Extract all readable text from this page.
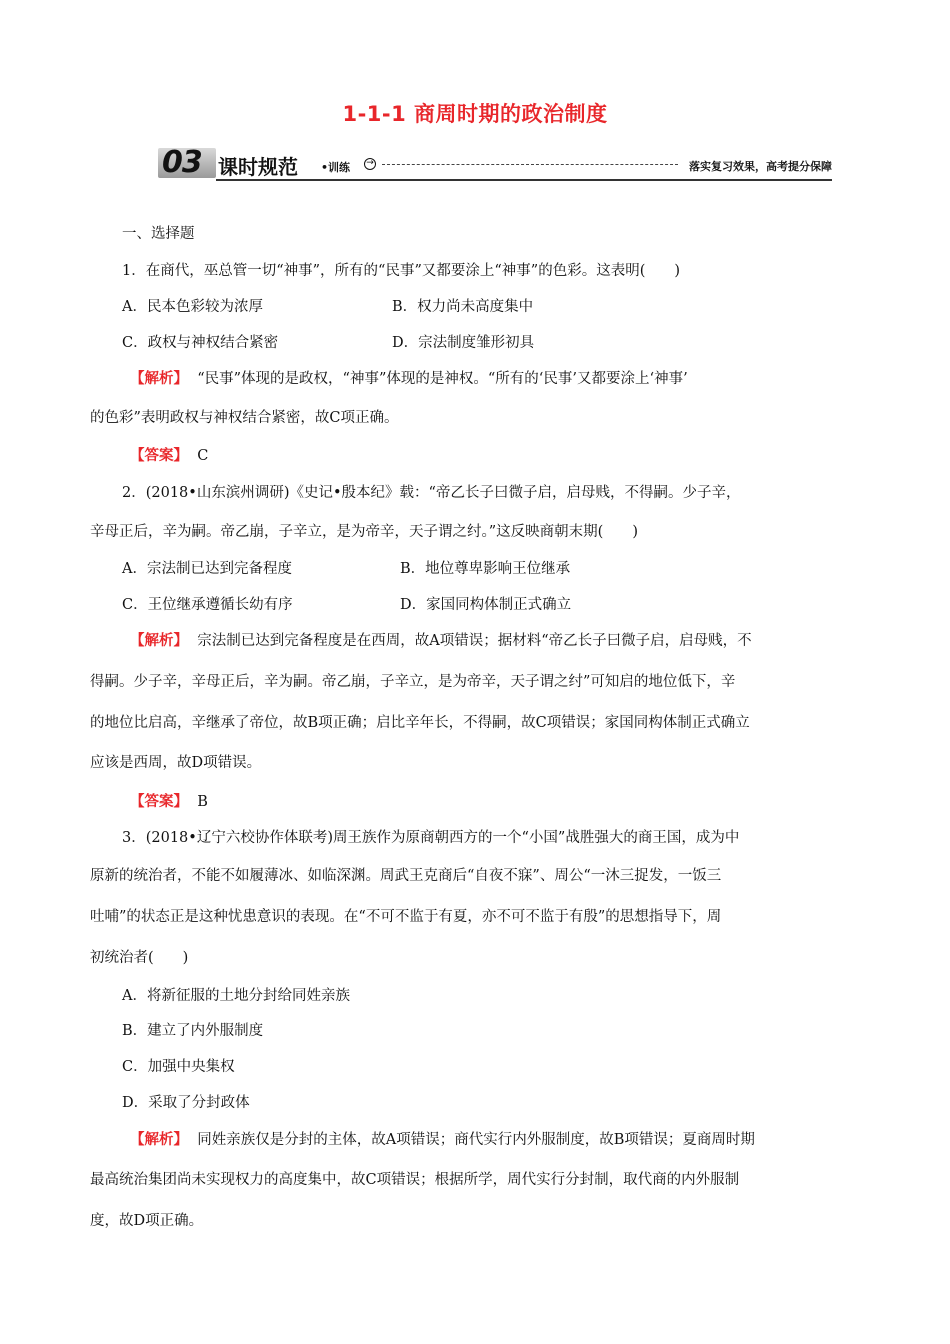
1-1-1 商周时期的政治制度
03 课时规范 •训练 →	落实复习效果，高考提分保障
一、选择题
1．在商代，巫总管一切“神事”，所有的“民事”又都要涂上“神事”的色彩。这表明(　　)
A．民本色彩较为浓厚	B．权力尚未高度集中
C．政权与神权结合紧密	D．宗法制度雏形初具
【解析】 “民事”体现的是政权，“神事”体现的是神权。“所有的‘民事’又都要涂上‘神事’
的色彩”表明政权与神权结合紧密，故C项正确。
【答案】 C
2．(2018•山东滨州调研)《史记•殷本纪》载：“帝乙长子曰微子启，启母贱，不得嗣。少子辛，
辛母正后，辛为嗣。帝乙崩，子辛立，是为帝辛，天子谓之纣。”这反映商朝末期(　　)
A．宗法制已达到完备程度	B．地位尊卑影响王位继承
C．王位继承遵循长幼有序	D．家国同构体制正式确立
【解析】 宗法制已达到完备程度是在西周，故A项错误；据材料“帝乙长子曰微子启，启母贱，不
得嗣。少子辛，辛母正后，辛为嗣。帝乙崩，子辛立，是为帝辛，天子谓之纣”可知启的地位低下，辛
的地位比启高，辛继承了帝位，故B项正确；启比辛年长，不得嗣，故C项错误；家国同构体制正式确立
应该是西周，故D项错误。
【答案】 B
3．(2018•辽宁六校协作体联考)周王族作为原商朝西方的一个“小国”战胜强大的商王国，成为中
原新的统治者，不能不如履薄冰、如临深渊。周武王克商后“自夜不寐”、周公“一沐三捉发，一饭三
吐哺”的状态正是这种忧患意识的表现。在“不可不监于有夏，亦不可不监于有殷”的思想指导下，周
初统治者(　　)
A．将新征服的土地分封给同姓亲族
B．建立了内外服制度
C．加强中央集权
D．采取了分封政体
【解析】 同姓亲族仅是分封的主体，故A项错误；商代实行内外服制度，故B项错误；夏商周时期
最高统治集团尚未实现权力的高度集中，故C项错误；根据所学，周代实行分封制，取代商的内外服制
度，故D项正确。
